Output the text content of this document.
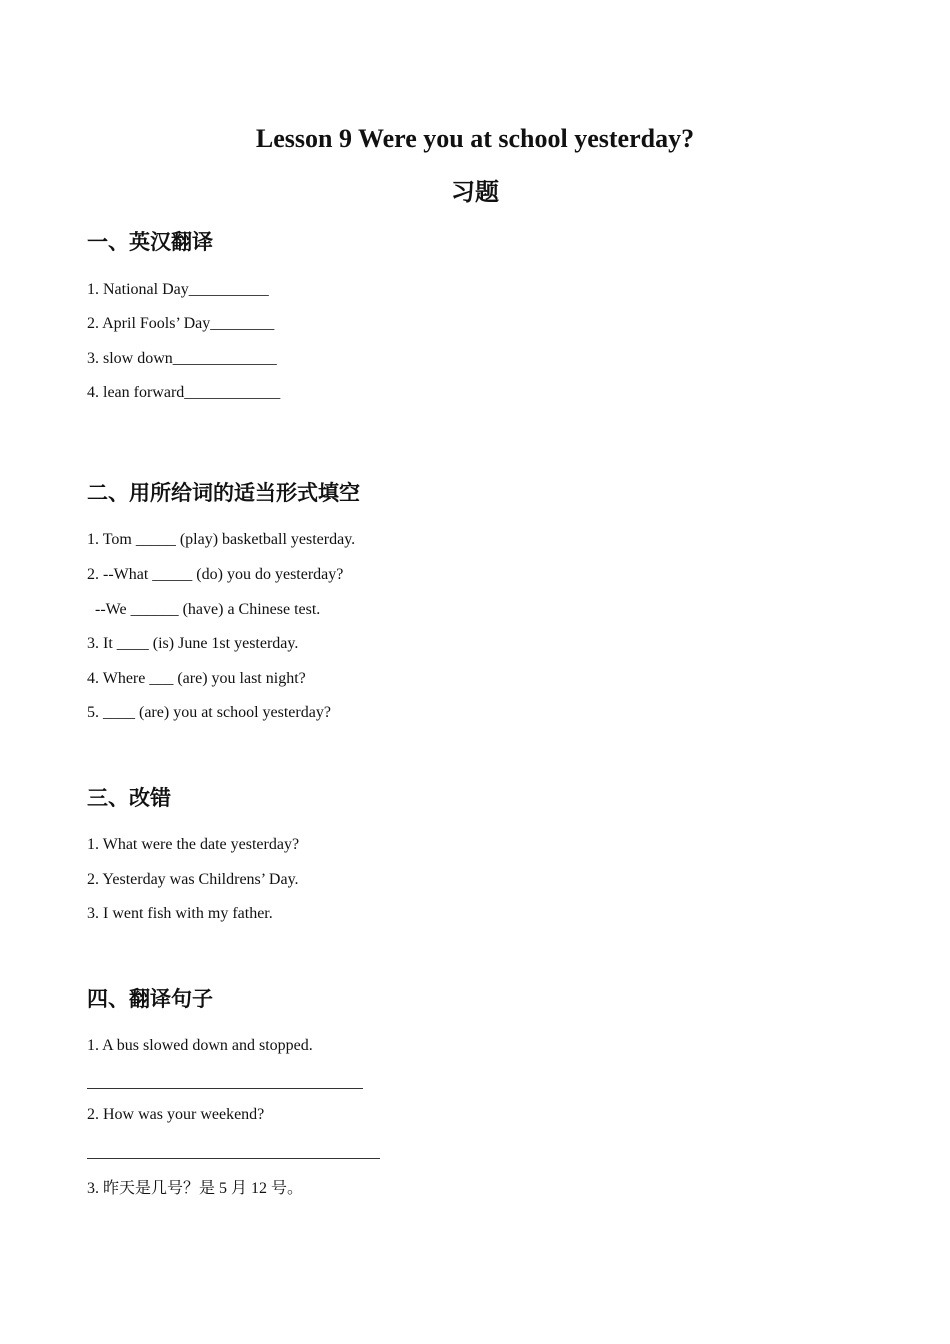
Lesson 9 Were you at school yesterday?
习题
一、英汉翻译
1. National Day__________
2. April Fools’ Day________
3. slow down_____________
4. lean forward____________
二、用所给词的适当形式填空
1. Tom _____ (play) basketball yesterday.
2. --What _____ (do) you do yesterday?
--We ______ (have) a Chinese test.
3. It ____ (is) June 1st yesterday.
4. Where ___ (are) you last night?
5. ____ (are) you at school yesterday?
三、改错
1. What were the date yesterday?
2. Yesterday was Childrens’ Day.
3. I went fish with my father.
四、翻译句子
1. A bus slowed down and stopped.
2. How was your weekend?
3. 昨天是几号？是 5 月 12 号。
